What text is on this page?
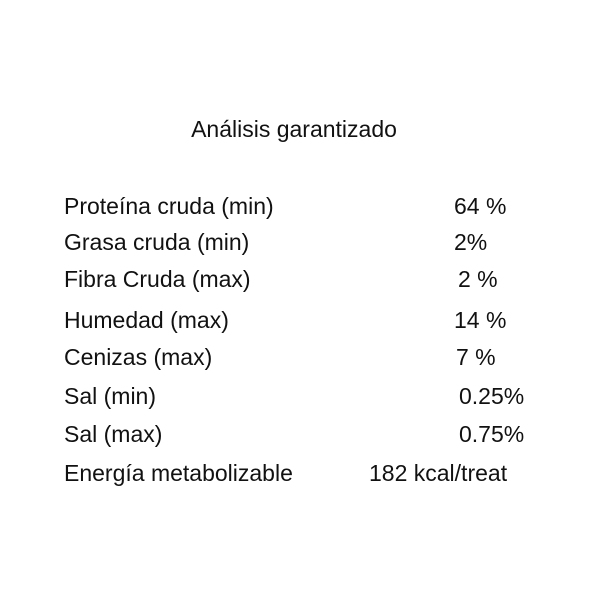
Análisis garantizado
Proteína cruda (min)	64 %
Grasa cruda (min)	2%
Fibra Cruda (max)	2 %
Humedad (max)	14 %
Cenizas (max)	7 %
Sal (min)	0.25%
Sal (max)	0.75%
Energía metabolizable	182 kcal/treat
